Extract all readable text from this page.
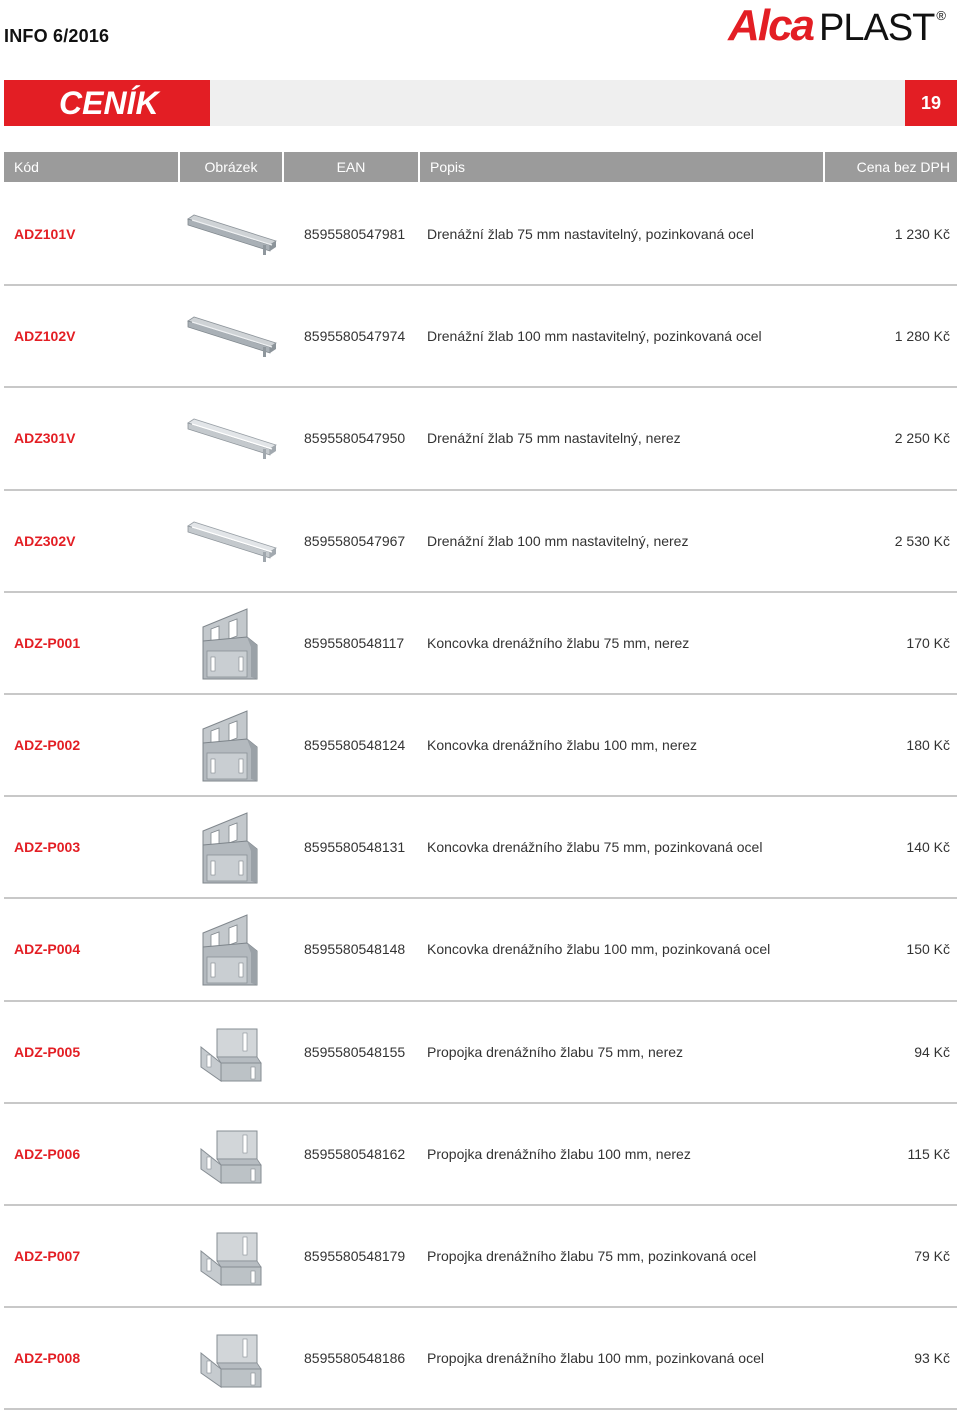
INFO 6/2016	Alca PLAST ®
CENÍK	19
Kód	Obrázek	EAN	Popis	Cena bez DPH
ADZ101V	8595580547981 Drenážní žlab 75 mm nastavitelný, pozinkovaná ocel	1 230 Kč
ADZ102V	8595580547974 Drenážní žlab 100 mm nastavitelný, pozinkovaná ocel	1 280 Kč
ADZ301V	8595580547950 Drenážní žlab 75 mm nastavitelný, nerez	2 250 Kč
ADZ302V	8595580547967 Drenážní žlab 100 mm nastavitelný, nerez	2 530 Kč
ADZ-P001	8595580548117 Koncovka drenážního žlabu 75 mm, nerez	170 Kč
ADZ-P002	8595580548124 Koncovka drenážního žlabu 100 mm, nerez	180 Kč
ADZ-P003	8595580548131 Koncovka drenážního žlabu 75 mm, pozinkovaná ocel	140 Kč
ADZ-P004	8595580548148 Koncovka drenážního žlabu 100 mm, pozinkovaná ocel	150 Kč
ADZ-P005	8595580548155 Propojka drenážního žlabu 75 mm, nerez	94 Kč
ADZ-P006	8595580548162 Propojka drenážního žlabu 100 mm, nerez	115 Kč
ADZ-P007	8595580548179 Propojka drenážního žlabu 75 mm, pozinkovaná ocel	79 Kč
ADZ-P008	8595580548186 Propojka drenážního žlabu 100 mm, pozinkovaná ocel	93 Kč
